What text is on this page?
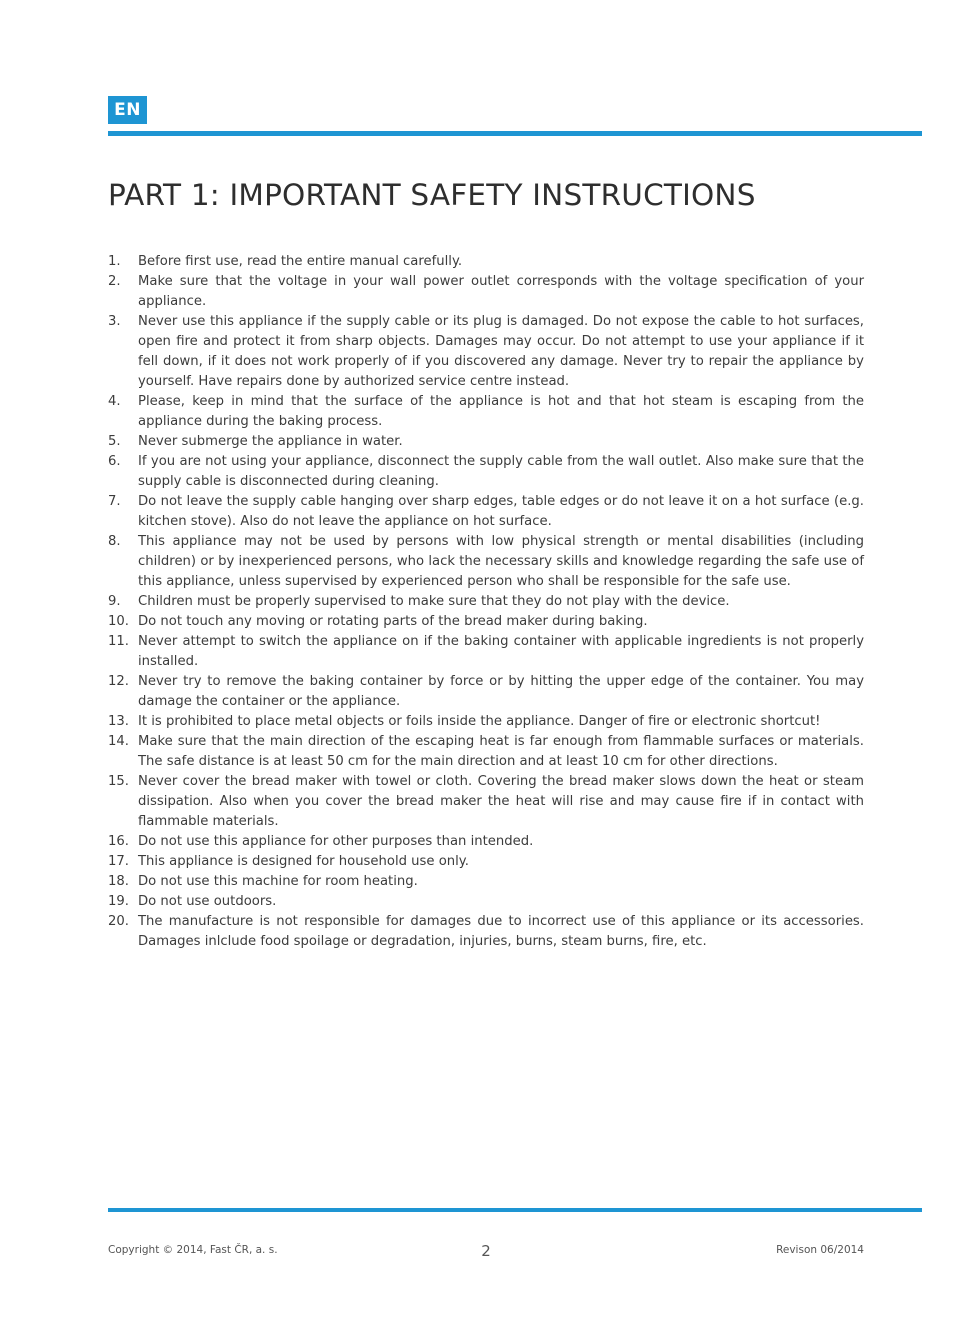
EN
PART 1: IMPORTANT SAFETY INSTRUCTIONS
1. Before first use, read the entire manual carefully.
2. Make sure that the voltage in your wall power outlet corresponds with the voltage specification of your appliance.
3. Never use this appliance if the supply cable or its plug is damaged. Do not expose the cable to hot surfaces, open fire and protect it from sharp objects. Damages may occur. Do not attempt to use your appliance if it fell down, if it does not work properly of if you discovered any damage. Never try to repair the appliance by yourself. Have repairs done by authorized service centre instead.
4. Please, keep in mind that the surface of the appliance is hot and that hot steam is escaping from the appliance during the baking process.
5. Never submerge the appliance in water.
6. If you are not using your appliance, disconnect the supply cable from the wall outlet. Also make sure that the supply cable is disconnected during cleaning.
7. Do not leave the supply cable hanging over sharp edges, table edges or do not leave it on a hot surface (e.g. kitchen stove). Also do not leave the appliance on hot surface.
8. This appliance may not be used by persons with low physical strength or mental disabilities (including children) or by inexperienced persons, who lack the necessary skills and knowledge regarding the safe use of this appliance, unless supervised by experienced person who shall be responsible for the safe use.
9. Children must be properly supervised to make sure that they do not play with the device.
10. Do not touch any moving or rotating parts of the bread maker during baking.
11. Never attempt to switch the appliance on if the baking container with applicable ingredients is not properly installed.
12. Never try to remove the baking container by force or by hitting the upper edge of the container. You may damage the container or the appliance.
13. It is prohibited to place metal objects or foils inside the appliance. Danger of fire or electronic shortcut!
14. Make sure that the main direction of the escaping heat is far enough from flammable surfaces or materials. The safe distance is at least 50 cm for the main direction and at least 10 cm for other directions.
15. Never cover the bread maker with towel or cloth. Covering the bread maker slows down the heat or steam dissipation. Also when you cover the bread maker the heat will rise and may cause fire if in contact with flammable materials.
16. Do not use this appliance for other purposes than intended.
17. This appliance is designed for household use only.
18. Do not use this machine for room heating.
19. Do not use outdoors.
20. The manufacture is not responsible for damages due to incorrect use of this appliance or its accessories. Damages inlclude food spoilage or degradation, injuries, burns, steam burns, fire, etc.
Copyright © 2014, Fast ČR, a. s.	2	Revison 06/2014
